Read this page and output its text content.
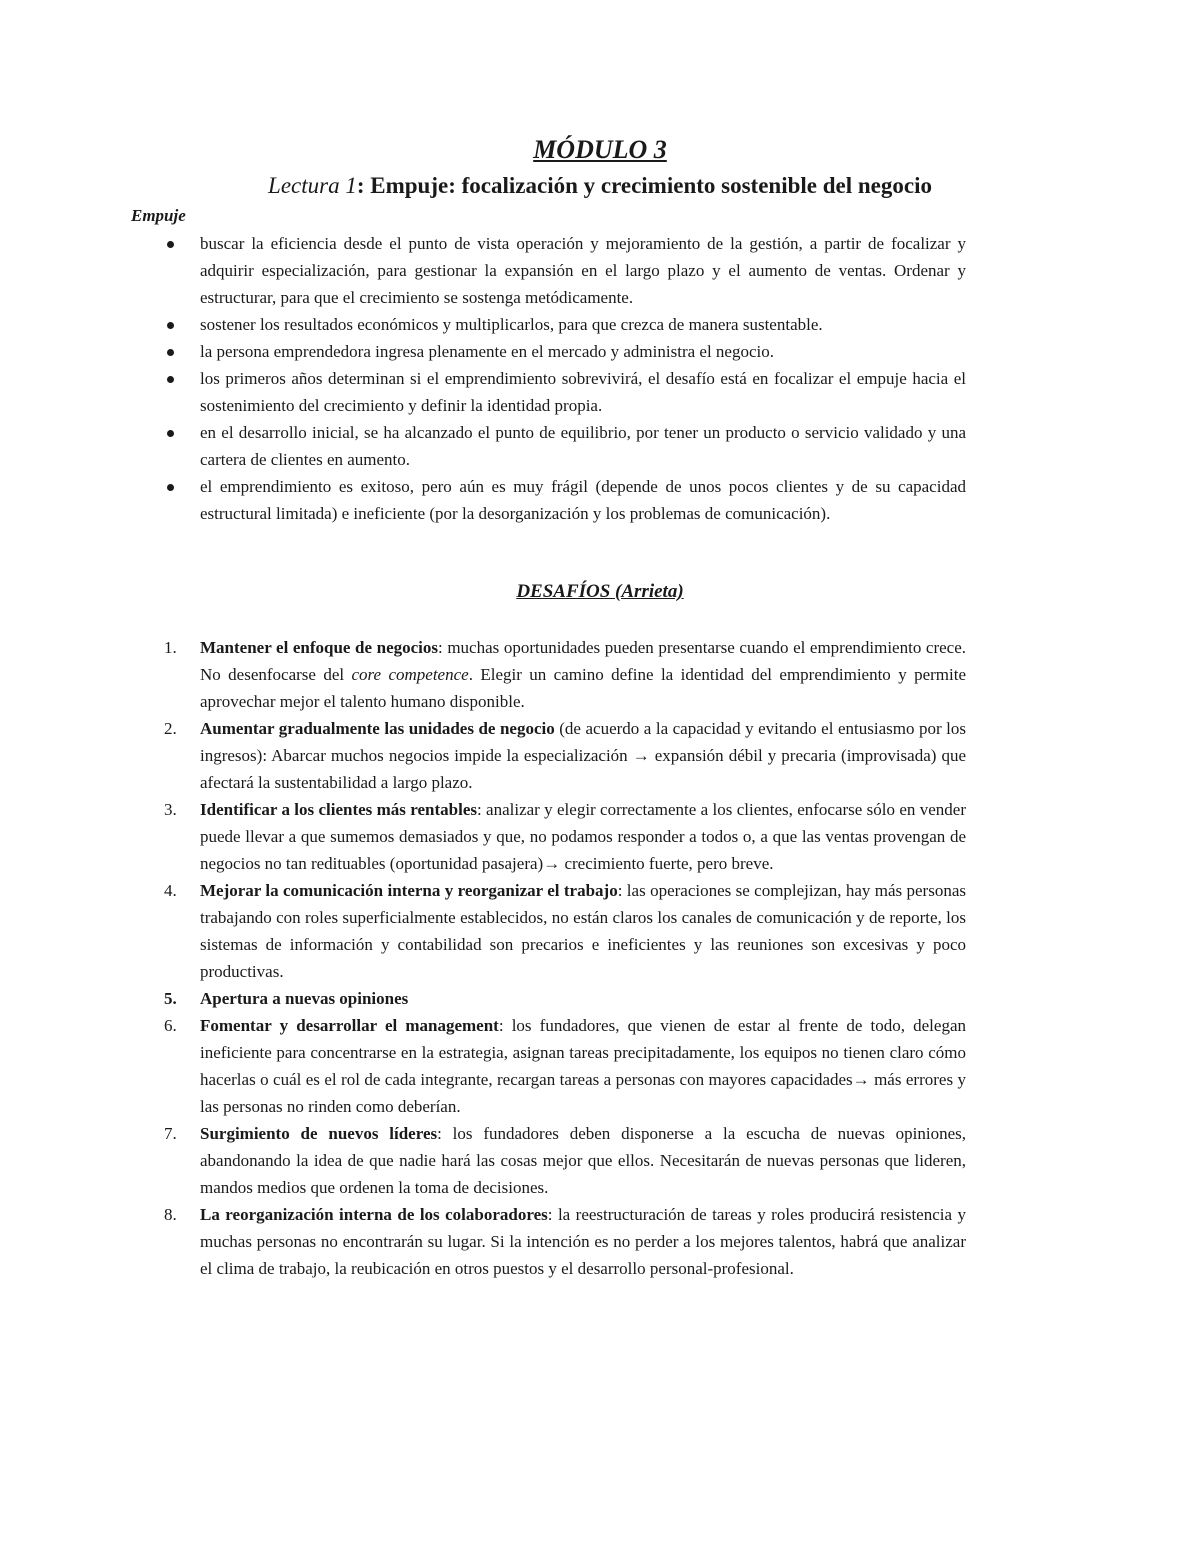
MÓDULO 3
Lectura 1: Empuje: focalización y crecimiento sostenible del negocio

Empuje

buscar la eficiencia desde el punto de vista operación y mejoramiento de la gestión, a partir de focalizar y adquirir especialización, para gestionar la expansión en el largo plazo y el aumento de ventas. Ordenar y estructurar, para que el crecimiento se sostenga metódicamente.
sostener los resultados económicos y multiplicarlos, para que crezca de manera sustentable.
la persona emprendedora ingresa plenamente en el mercado y administra el negocio.
los primeros años determinan si el emprendimiento sobrevivirá, el desafío está en focalizar el empuje hacia el sostenimiento del crecimiento y definir la identidad propia.
en el desarrollo inicial, se ha alcanzado el punto de equilibrio, por tener un producto o servicio validado y una cartera de clientes en aumento.
el emprendimiento es exitoso, pero aún es muy frágil (depende de unos pocos clientes y de su capacidad estructural limitada) e ineficiente (por la desorganización y los problemas de comunicación).
DESAFÍOS (Arrieta)
1.	Mantener el enfoque de negocios: muchas oportunidades pueden presentarse cuando el emprendimiento crece. No desenfocarse del core competence. Elegir un camino define la identidad del emprendimiento y permite aprovechar mejor el talento humano disponible.
2.	Aumentar gradualmente las unidades de negocio (de acuerdo a la capacidad y evitando el entusiasmo por los ingresos): Abarcar muchos negocios impide la especialización → expansión débil y precaria (improvisada) que afectará la sustentabilidad a largo plazo.
3.	Identificar a los clientes más rentables: analizar y elegir correctamente a los clientes, enfocarse sólo en vender puede llevar a que sumemos demasiados y que, no podamos responder a todos o, a que las ventas provengan de negocios no tan redituables (oportunidad pasajera)→ crecimiento fuerte, pero breve.
4.	Mejorar la comunicación interna y reorganizar el trabajo: las operaciones se complejizan, hay más personas trabajando con roles superficialmente establecidos, no están claros los canales de comunicación y de reporte, los sistemas de información y contabilidad son precarios e ineficientes y las reuniones son excesivas y poco productivas.
5.	Apertura a nuevas opiniones
6.	Fomentar y desarrollar el management: los fundadores, que vienen de estar al frente de todo, delegan ineficiente para concentrarse en la estrategia, asignan tareas precipitadamente, los equipos no tienen claro cómo hacerlas o cuál es el rol de cada integrante, recargan tareas a personas con mayores capacidades→ más errores y las personas no rinden como deberían.
7.	Surgimiento de nuevos líderes: los fundadores deben disponerse a la escucha de nuevas opiniones, abandonando la idea de que nadie hará las cosas mejor que ellos. Necesitarán de nuevas personas que lideren, mandos medios que ordenen la toma de decisiones.
8.	La reorganización interna de los colaboradores: la reestructuración de tareas y roles producirá resistencia y muchas personas no encontrarán su lugar. Si la intención es no perder a los mejores talentos, habrá que analizar el clima de trabajo, la reubicación en otros puestos y el desarrollo personal-profesional.
